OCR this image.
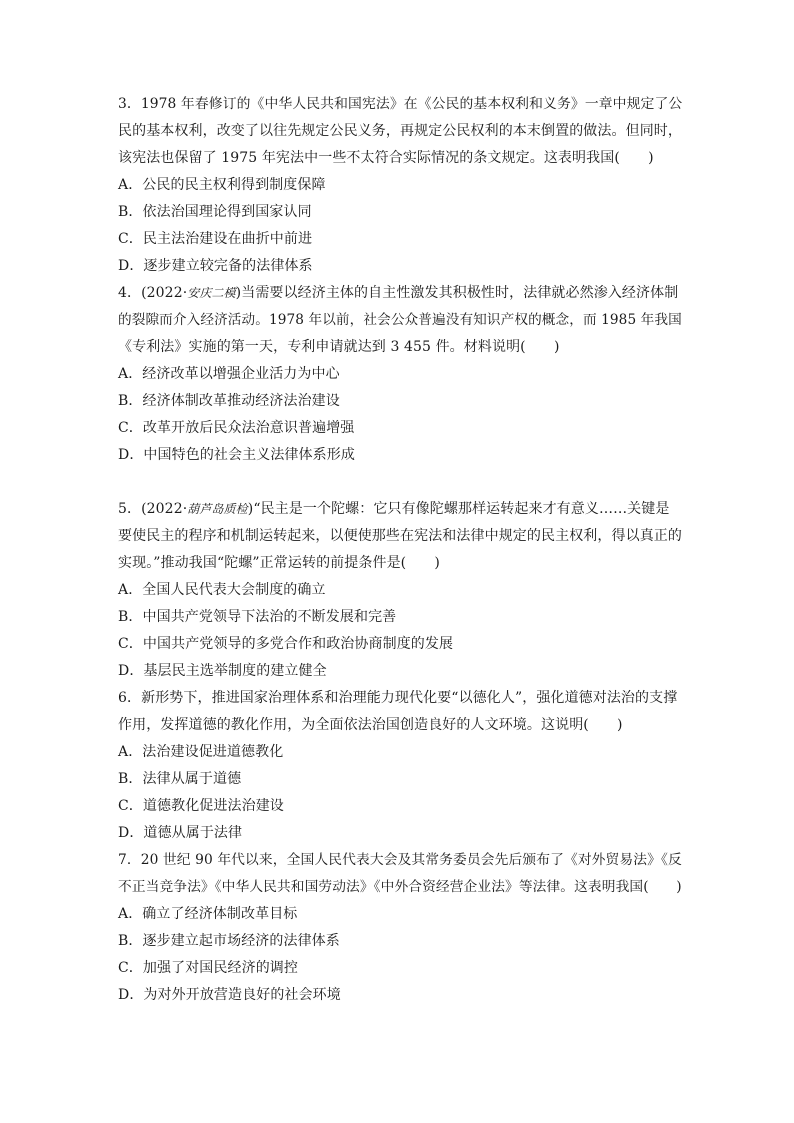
3．1978 年春修订的《中华人民共和国宪法》在《公民的基本权利和义务》一章中规定了公
民的基本权利，改变了以往先规定公民义务，再规定公民权利的本末倒置的做法。但同时，
该宪法也保留了 1975 年宪法中一些不太符合实际情况的条文规定。这表明我国(　　)
A．公民的民主权利得到制度保障
B．依法治国理论得到国家认同
C．民主法治建设在曲折中前进
D．逐步建立较完备的法律体系
4．(2022·安庆二模)当需要以经济主体的自主性激发其积极性时，法律就必然渗入经济体制
的裂隙而介入经济活动。1978 年以前，社会公众普遍没有知识产权的概念，而 1985 年我国
《专利法》实施的第一天，专利申请就达到 3 455 件。材料说明(　　)
A．经济改革以增强企业活力为中心
B．经济体制改革推动经济法治建设
C．改革开放后民众法治意识普遍增强
D．中国特色的社会主义法律体系形成
5．(2022·葫芦岛质检)“民主是一个陀螺：它只有像陀螺那样运转起来才有意义……关键是
要使民主的程序和机制运转起来，以便使那些在宪法和法律中规定的民主权利，得以真正的
实现。”推动我国“陀螺”正常运转的前提条件是(　　)
A．全国人民代表大会制度的确立
B．中国共产党领导下法治的不断发展和完善
C．中国共产党领导的多党合作和政治协商制度的发展
D．基层民主选举制度的建立健全
6．新形势下，推进国家治理体系和治理能力现代化要“以德化人”，强化道德对法治的支撑
作用，发挥道德的教化作用，为全面依法治国创造良好的人文环境。这说明(　　)
A．法治建设促进道德教化
B．法律从属于道德
C．道德教化促进法治建设
D．道德从属于法律
7．20 世纪 90 年代以来，全国人民代表大会及其常务委员会先后颁布了《对外贸易法》《反
不正当竞争法》《中华人民共和国劳动法》《中外合资经营企业法》等法律。这表明我国(　　)
A．确立了经济体制改革目标
B．逐步建立起市场经济的法律体系
C．加强了对国民经济的调控
D．为对外开放营造良好的社会环境
